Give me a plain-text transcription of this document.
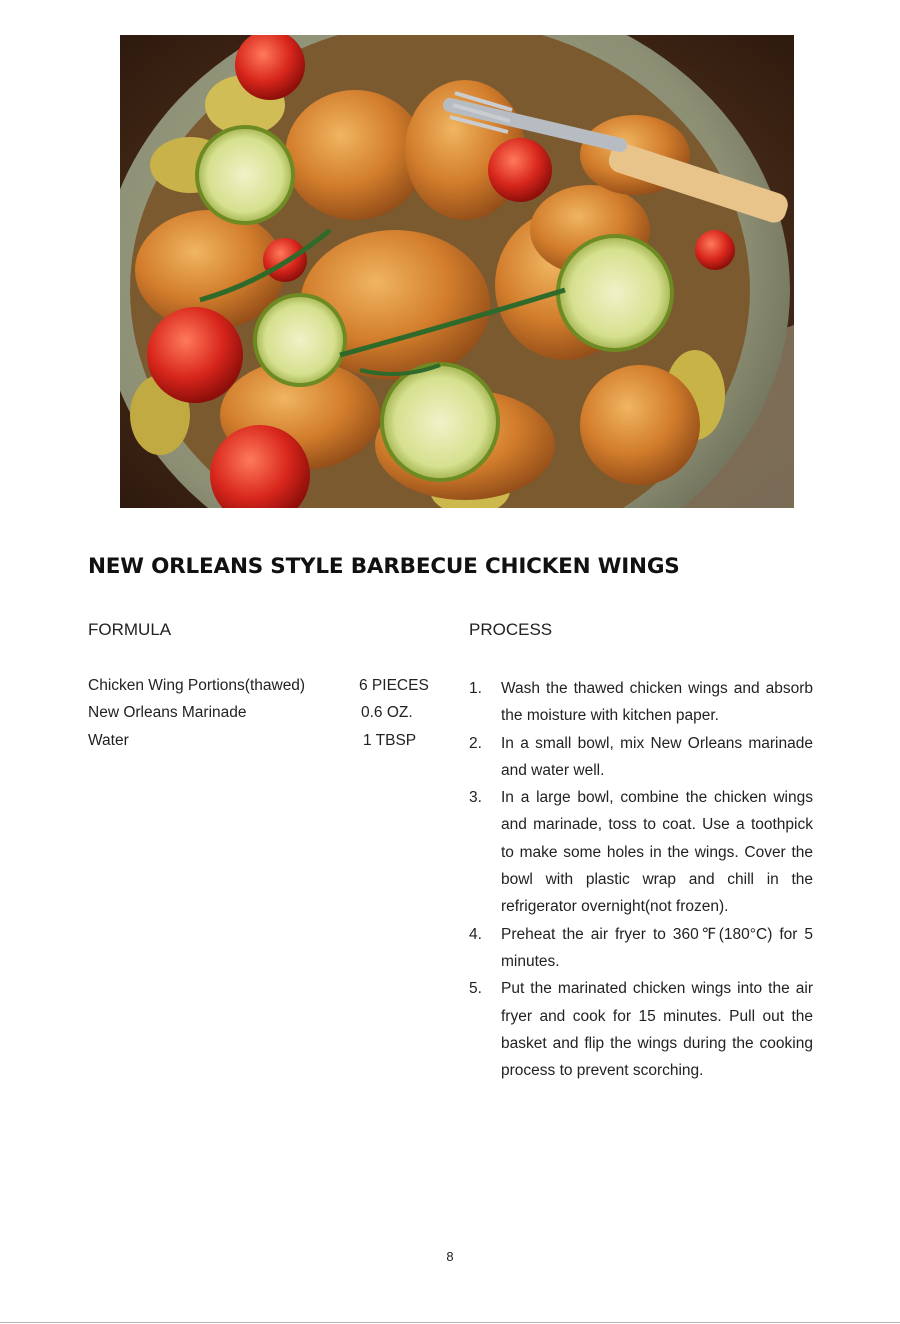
NEW ORLEANS STYLE BARBECUE CHICKEN WINGS
FORMULA	PROCESS
Chicken Wing Portions(thawed)	6 PIECES
New Orleans Marinade	0.6 OZ.
Water	1 TBSP
1. Wash the thawed chicken wings and absorb the moisture with kitchen paper.
2. In a small bowl, mix New Orleans marinade and water well.
3. In a large bowl, combine the chicken wings and marinade, toss to coat. Use a toothpick to make some holes in the wings. Cover the bowl with plastic wrap and chill in the refrigerator overnight(not frozen).
4. Preheat the air fryer to 360℉(180°C) for 5 minutes.
5. Put the marinated chicken wings into the air fryer and cook for 15 minutes. Pull out the basket and flip the wings during the cooking process to prevent scorching.
8
